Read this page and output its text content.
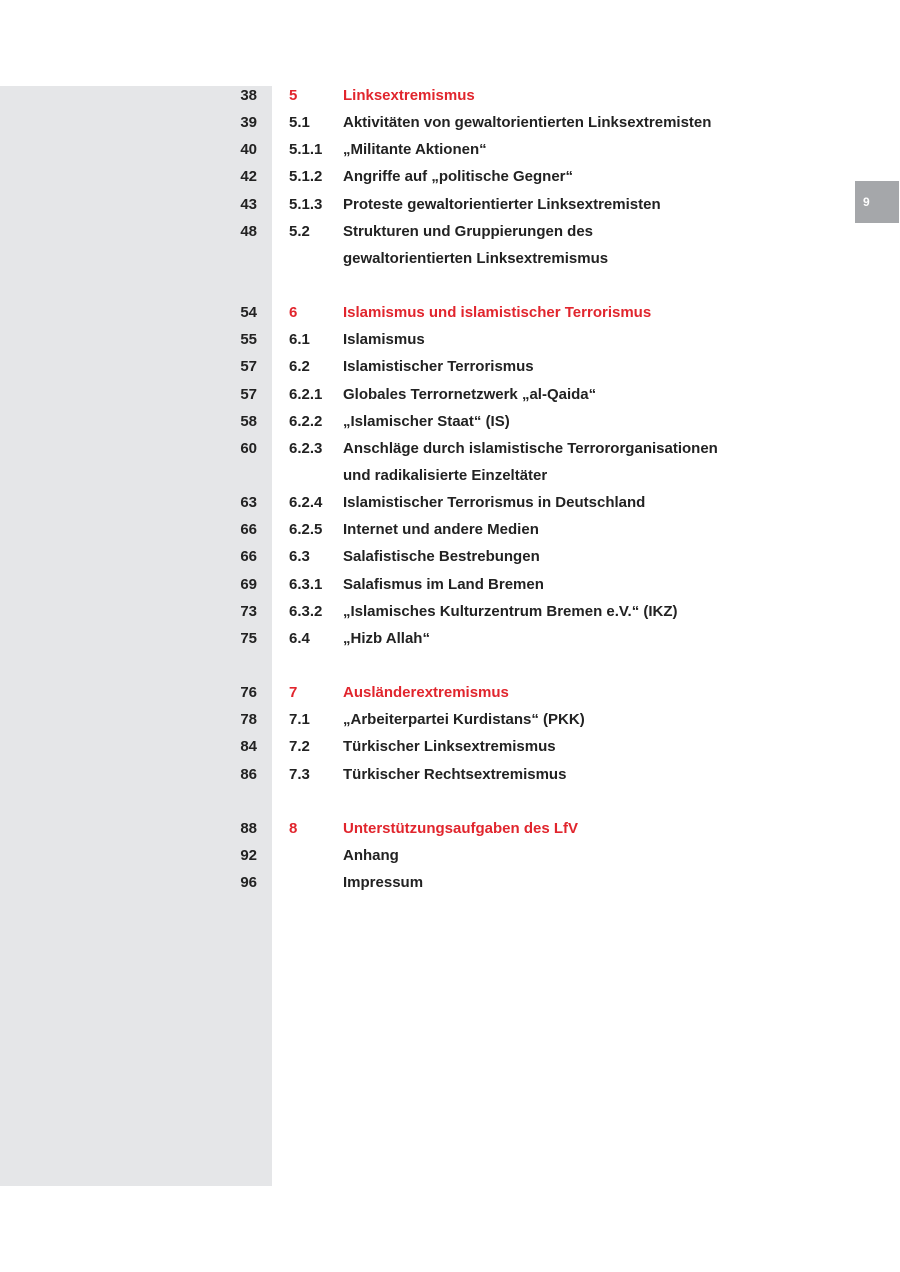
9
38 5	Linksextremismus
39 5.1 Aktivitäten von gewaltorientierten Linksextremisten
40 5.1.1 „Militante Aktionen“
42 5.1.2 Angriffe auf „politische Gegner“
43 5.1.3 Proteste gewaltorientierter Linksextremisten
48 5.2 Strukturen und Gruppierungen des
gewaltorientierten Linksextremismus
54 6	Islamismus und islamistischer Terrorismus
55 6.1 Islamismus
57 6.2 Islamistischer Terrorismus
57 6.2.1 Globales Terrornetzwerk „al-Qaida“
58 6.2.2 „Islamischer Staat“ (IS)
60 6.2.3 Anschläge durch islamistische Terrororganisationen
und radikalisierte Einzeltäter
63 6.2.4 Islamistischer Terrorismus in Deutschland
66 6.2.5 Internet und andere Medien
66 6.3 Salafistische Bestrebungen
69 6.3.1 Salafismus im Land Bremen
73 6.3.2 „Islamisches Kulturzentrum Bremen e.V.“ (IKZ)
75 6.4 „Hizb Allah“
76 7	Ausländerextremismus
78 7.1 „Arbeiterpartei Kurdistans“ (PKK)
84 7.2 Türkischer Linksextremismus
86 7.3 Türkischer Rechtsextremismus
88 8	Unterstützungsaufgaben des LfV
92	Anhang
96	Impressum
